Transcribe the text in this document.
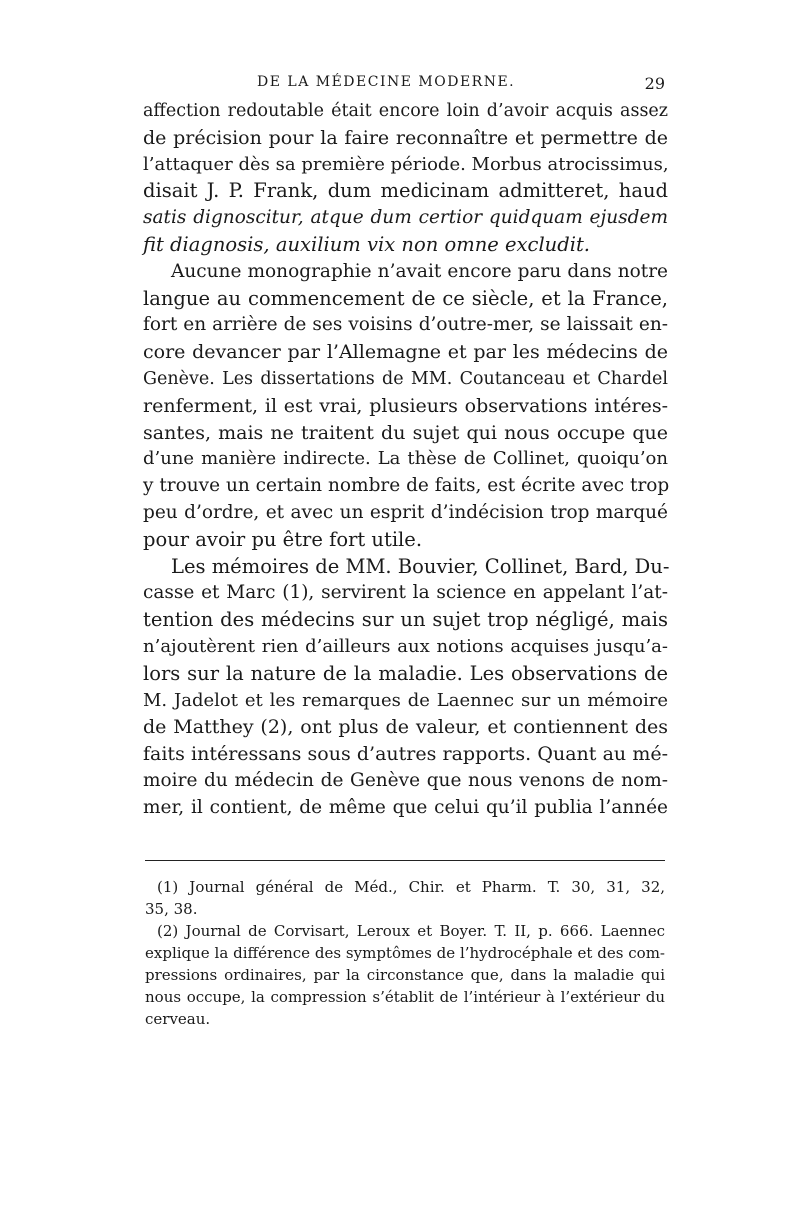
DE LA MÉDECINE MODERNE.	29
affection redoutable était encore loin d’avoir acquis assez
de précision pour la faire reconnaître et permettre de
l’attaquer dès sa première période. Morbus atrocissimus,
disait J. P. Frank, dum medicinam admitteret, haud
satis dignoscitur, atque dum certior quidquam ejusdem
fit diagnosis, auxilium vix non omne excludit.
Aucune monographie n’avait encore paru dans notre
langue au commencement de ce siècle, et la France,
fort en arrière de ses voisins d’outre-mer, se laissait en-
core devancer par l’Allemagne et par les médecins de
Genève. Les dissertations de MM. Coutanceau et Chardel
renferment, il est vrai, plusieurs observations intéres-
santes, mais ne traitent du sujet qui nous occupe que
d’une manière indirecte. La thèse de Collinet, quoiqu’on
y trouve un certain nombre de faits, est écrite avec trop
peu d’ordre, et avec un esprit d’indécision trop marqué
pour avoir pu être fort utile.
Les mémoires de MM. Bouvier, Collinet, Bard, Du-
casse et Marc (1), servirent la science en appelant l’at-
tention des médecins sur un sujet trop négligé, mais
n’ajoutèrent rien d’ailleurs aux notions acquises jusqu’a-
lors sur la nature de la maladie. Les observations de
M. Jadelot et les remarques de Laennec sur un mémoire
de Matthey (2), ont plus de valeur, et contiennent des
faits intéressans sous d’autres rapports. Quant au mé-
moire du médecin de Genève que nous venons de nom-
mer, il contient, de même que celui qu’il publia l’année
(1) Journal général de Méd., Chir. et Pharm. T. 30, 31, 32,
35, 38.
(2) Journal de Corvisart, Leroux et Boyer. T. II, p. 666. Laennec
explique la différence des symptômes de l’hydrocéphale et des com-
pressions ordinaires, par la circonstance que, dans la maladie qui
nous occupe, la compression s’établit de l’intérieur à l’extérieur du
cerveau.
